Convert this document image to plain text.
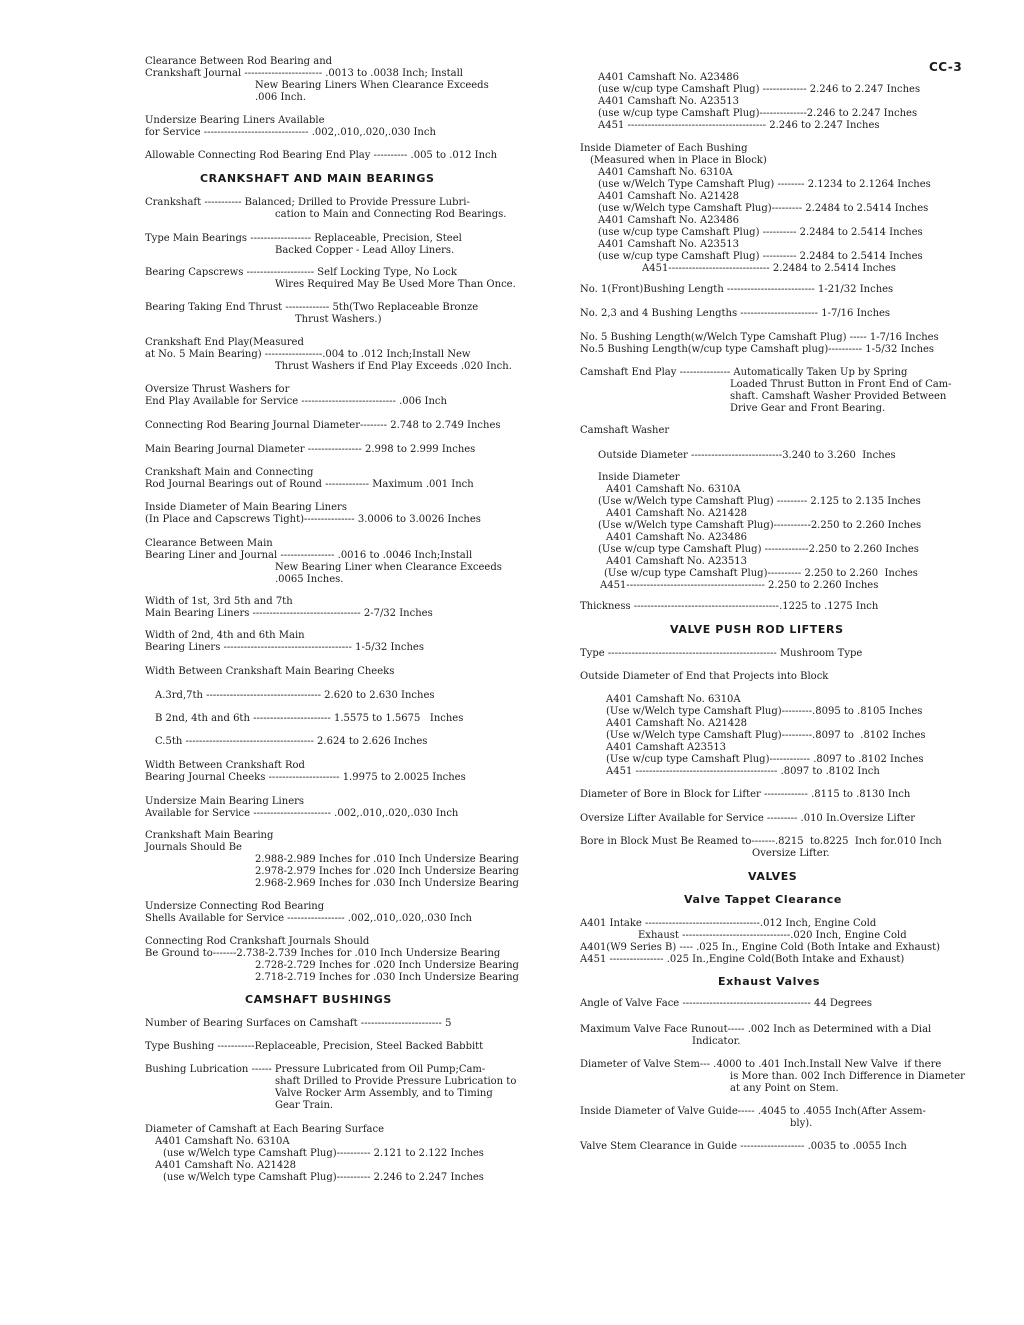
CC-3
Clearance Between Rod Bearing and
Crankshaft Journal ----------------------- .0013 to .0038 Inch; Install
New Bearing Liners When Clearance Exceeds
.006 Inch.
Undersize Bearing Liners Available
for Service ------------------------------- .002,.010,.020,.030 Inch
Allowable Connecting Rod Bearing End Play ---------- .005 to .012 Inch
CRANKSHAFT AND MAIN BEARINGS
Crankshaft ----------- Balanced; Drilled to Provide Pressure Lubri-
cation to Main and Connecting Rod Bearings.
Type Main Bearings ------------------ Replaceable, Precision, Steel
Backed Copper - Lead Alloy Liners.
Bearing Capscrews -------------------- Self Locking Type, No Lock
Wires Required May Be Used More Than Once.
Bearing Taking End Thrust ------------- 5th(Two Replaceable Bronze
Thrust Washers.)
Crankshaft End Play(Measured
at No. 5 Main Bearing) -----------------.004 to .012 Inch;Install New
Thrust Washers if End Play Exceeds .020 Inch.
Oversize Thrust Washers for
End Play Available for Service ---------------------------- .006 Inch
Connecting Rod Bearing Journal Diameter-------- 2.748 to 2.749 Inches
Main Bearing Journal Diameter ---------------- 2.998 to 2.999 Inches
Crankshaft Main and Connecting
Rod Journal Bearings out of Round ------------- Maximum .001 Inch
Inside Diameter of Main Bearing Liners
(In Place and Capscrews Tight)--------------- 3.0006 to 3.0026 Inches
Clearance Between Main
Bearing Liner and Journal ---------------- .0016 to .0046 Inch;Install
New Bearing Liner when Clearance Exceeds
.0065 Inches.
Width of 1st, 3rd 5th and 7th
Main Bearing Liners -------------------------------- 2-7/32 Inches
Width of 2nd, 4th and 6th Main
Bearing Liners -------------------------------------- 1-5/32 Inches
Width Between Crankshaft Main Bearing Cheeks
A.3rd,7th ---------------------------------- 2.620 to 2.630 Inches
B 2nd, 4th and 6th ----------------------- 1.5575 to 1.5675   Inches
C.5th -------------------------------------- 2.624 to 2.626 Inches
Width Between Crankshaft Rod
Bearing Journal Cheeks --------------------- 1.9975 to 2.0025 Inches
Undersize Main Bearing Liners
Available for Service ----------------------- .002,.010,.020,.030 Inch
Crankshaft Main Bearing
Journals Should Be
2.988-2.989 Inches for .010 Inch Undersize Bearing
2.978-2.979 Inches for .020 Inch Undersize Bearing
2.968-2.969 Inches for .030 Inch Undersize Bearing
Undersize Connecting Rod Bearing
Shells Available for Service ----------------- .002,.010,.020,.030 Inch
Connecting Rod Crankshaft Journals Should
Be Ground to-------2.738-2.739 Inches for .010 Inch Undersize Bearing
2.728-2.729 Inches for .020 Inch Undersize Bearing
2.718-2.719 Inches for .030 Inch Undersize Bearing
CAMSHAFT BUSHINGS
Number of Bearing Surfaces on Camshaft ------------------------ 5
Type Bushing -----------Replaceable, Precision, Steel Backed Babbitt
Bushing Lubrication ------ Pressure Lubricated from Oil Pump;Cam-
shaft Drilled to Provide Pressure Lubrication to
Valve Rocker Arm Assembly, and to Timing
Gear Train.
Diameter of Camshaft at Each Bearing Surface
A401 Camshaft No. 6310A
(use w/Welch type Camshaft Plug)---------- 2.121 to 2.122 Inches
A401 Camshaft No. A21428
(use w/Welch type Camshaft Plug)---------- 2.246 to 2.247 Inches
A401 Camshaft No. A23486
(use w/cup type Camshaft Plug) ------------- 2.246 to 2.247 Inches
A401 Camshaft No. A23513
(use w/cup type Camshaft Plug)--------------2.246 to 2.247 Inches
A451 ----------------------------------------- 2.246 to 2.247 Inches
Inside Diameter of Each Bushing
(Measured when in Place in Block)
A401 Camshaft No. 6310A
(use w/Welch Type Camshaft Plug) -------- 2.1234 to 2.1264 Inches
A401 Camshaft No. A21428
(use w/Welch type Camshaft Plug)--------- 2.2484 to 2.5414 Inches
A401 Camshaft No. A23486
(use w/cup type Camshaft Plug) ---------- 2.2484 to 2.5414 Inches
A401 Camshaft No. A23513
(use w/cup type Camshaft Plug) ---------- 2.2484 to 2.5414 Inches
A451------------------------------ 2.2484 to 2.5414 Inches
No. 1(Front)Bushing Length -------------------------- 1-21/32 Inches
No. 2,3 and 4 Bushing Lengths ----------------------- 1-7/16 Inches
No. 5 Bushing Length(w/Welch Type Camshaft Plug) ----- 1-7/16 Inches
No.5 Bushing Length(w/cup type Camshaft plug)---------- 1-5/32 Inches
Camshaft End Play --------------- Automatically Taken Up by Spring
Loaded Thrust Button in Front End of Cam-
shaft. Camshaft Washer Provided Between
Drive Gear and Front Bearing.
Camshaft Washer
Outside Diameter ---------------------------3.240 to 3.260  Inches
Inside Diameter
A401 Camshaft No. 6310A
(Use w/Welch type Camshaft Plug) --------- 2.125 to 2.135 Inches
A401 Camshaft No. A21428
(Use w/Welch type Camshaft Plug)-----------2.250 to 2.260 Inches
A401 Camshaft No. A23486
(Use w/cup type Camshaft Plug) -------------2.250 to 2.260 Inches
A401 Camshaft No. A23513
(Use w/cup type Camshaft Plug)---------- 2.250 to 2.260  Inches
A451----------------------------------------- 2.250 to 2.260 Inches
Thickness -------------------------------------------.1225 to .1275 Inch
VALVE PUSH ROD LIFTERS
Type -------------------------------------------------- Mushroom Type
Outside Diameter of End that Projects into Block
A401 Camshaft No. 6310A
(Use w/Welch type Camshaft Plug)---------.8095 to .8105 Inches
A401 Camshaft No. A21428
(Use w/Welch type Camshaft Plug)---------.8097 to  .8102 Inches
A401 Camshaft A23513
(Use w/cup type Camshaft Plug)------------ .8097 to .8102 Inches
A451 ------------------------------------------ .8097 to .8102 Inch
Diameter of Bore in Block for Lifter ------------- .8115 to .8130 Inch
Oversize Lifter Available for Service --------- .010 In.Oversize Lifter
Bore in Block Must Be Reamed to-------.8215  to.8225  Inch for.010 Inch
Oversize Lifter.
VALVES
Valve Tappet Clearance
A401 Intake ----------------------------------.012 Inch, Engine Cold
Exhaust --------------------------------.020 Inch, Engine Cold
A401(W9 Series B) ---- .025 In., Engine Cold (Both Intake and Exhaust)
A451 ---------------- .025 In.,Engine Cold(Both Intake and Exhaust)
Exhaust Valves
Angle of Valve Face -------------------------------------- 44 Degrees
Maximum Valve Face Runout----- .002 Inch as Determined with a Dial
Indicator.
Diameter of Valve Stem--- .4000 to .401 Inch.Install New Valve  if there
is More than. 002 Inch Difference in Diameter
at any Point on Stem.
Inside Diameter of Valve Guide----- .4045 to .4055 Inch(After Assem-
bly).
Valve Stem Clearance in Guide ------------------- .0035 to .0055 Inch
